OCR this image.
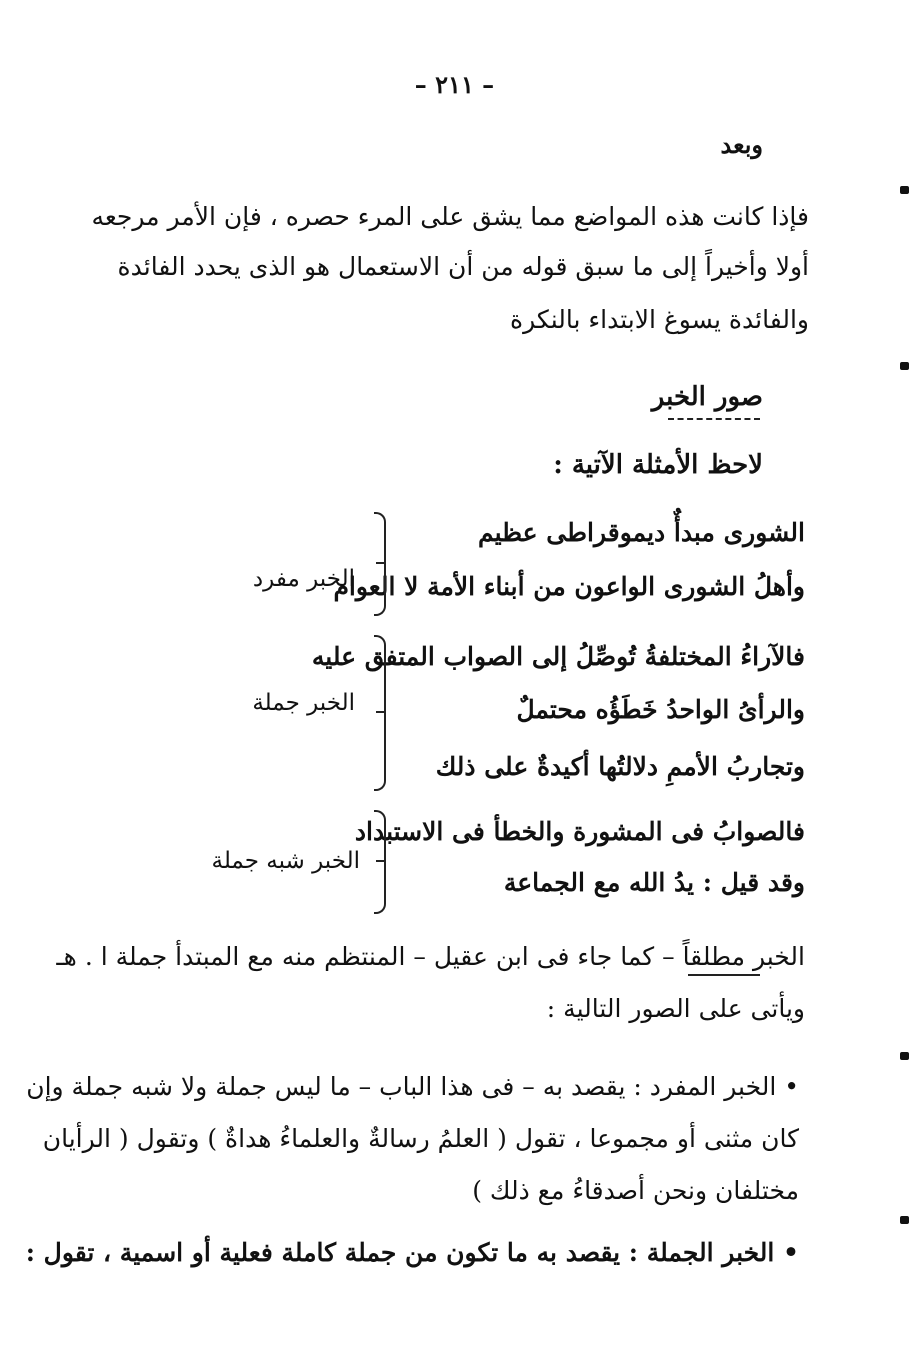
– ٢١١ –
وبعد
فإذا كانت هذه المواضع مما يشق على المرء حصره ، فإن الأمر مرجعه
أولا وأخيراً إلى ما سبق قوله من أن الاستعمال هو الذى يحدد الفائدة
والفائدة يسوغ الابتداء بالنكرة
صور الخبر
لاحظ الأمثلة الآتية :
الشورى مبدأٌ ديموقراطى عظيم
وأهلُ الشورى الواعون من أبناء الأمة لا العوام
الخبر مفرد
فالآراءُ المختلفةُ تُوصِّلُ إلى الصواب المتفق عليه
والرأىُ الواحدُ خَطَؤُه محتملٌ
وتجاربُ الأممِ دلالتُها أكيدةٌ على ذلك
الخبر جملة
فالصوابُ فى المشورة والخطأ فى الاستبداد
وقد قيل : يدُ الله مع الجماعة
الخبر شبه جملة
الخبر مطلقاً – كما جاء فى ابن عقيل – المنتظم منه مع المبتدأ جملة ا . هـ
ويأتى على الصور التالية :
• الخبر المفرد : يقصد به – فى هذا الباب – ما ليس جملة ولا شبه جملة وإن
كان مثنى أو مجموعا ، تقول ( العلمُ رسالةٌ والعلماءُ هداةٌ ) وتقول ( الرأيان
مختلفان ونحن أصدقاءُ مع ذلك )
• الخبر الجملة : يقصد به ما تكون من جملة كاملة فعلية أو اسمية ، تقول :
